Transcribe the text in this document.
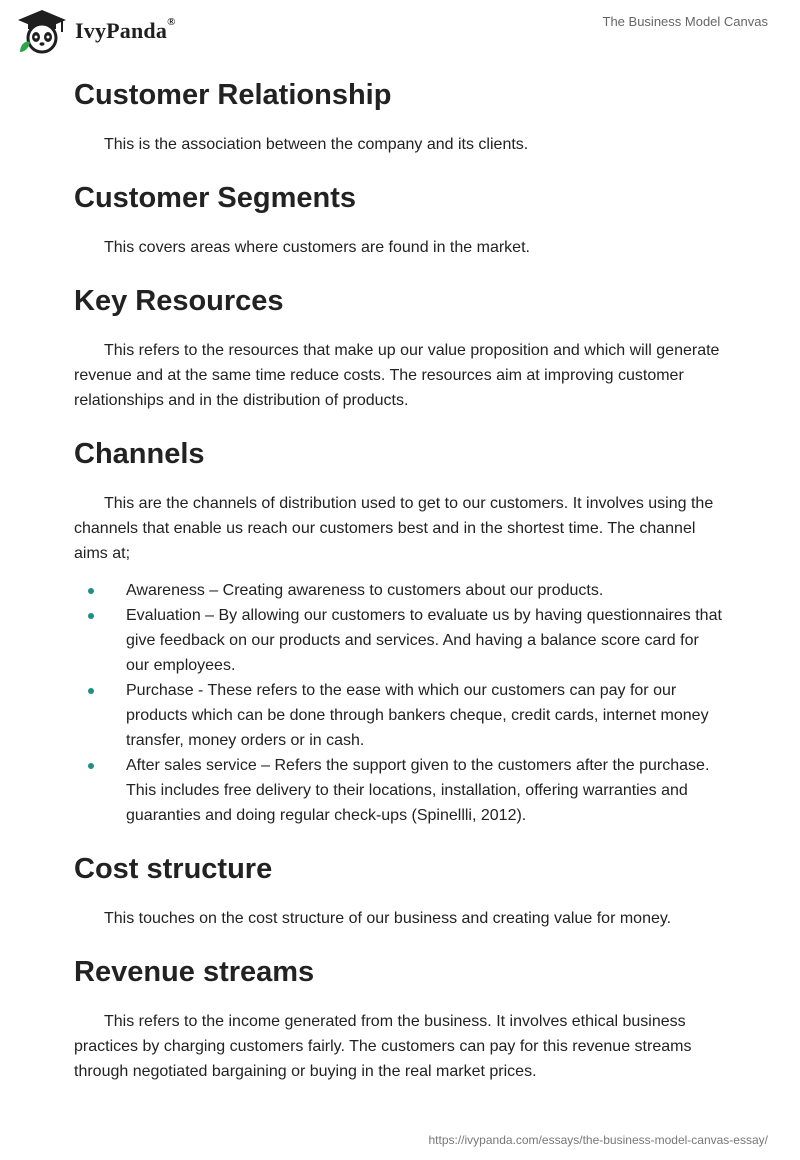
IvyPanda®	The Business Model Canvas
Customer Relationship

This is the association between the company and its clients.

Customer Segments

This covers areas where customers are found in the market.

Key Resources

This refers to the resources that make up our value proposition and which will generate revenue and at the same time reduce costs. The resources aim at improving customer relationships and in the distribution of products.

Channels

This are the channels of distribution used to get to our customers. It involves using the channels that enable us reach our customers best and in the shortest time. The channel aims at;

Awareness – Creating awareness to customers about our products.
Evaluation – By allowing our customers to evaluate us by having questionnaires that give feedback on our products and services. And having a balance score card for our employees.
Purchase - These refers to the ease with which our customers can pay for our products which can be done through bankers cheque, credit cards, internet money transfer, money orders or in cash.
After sales service – Refers the support given to the customers after the purchase. This includes free delivery to their locations, installation, offering warranties and guaranties and doing regular check-ups (Spinellli, 2012).
Cost structure

This touches on the cost structure of our business and creating value for money.

Revenue streams

This refers to the income generated from the business. It involves ethical business practices by charging customers fairly. The customers can pay for this revenue streams through negotiated bargaining or buying in the real market prices.

https://ivypanda.com/essays/the-business-model-canvas-essay/
